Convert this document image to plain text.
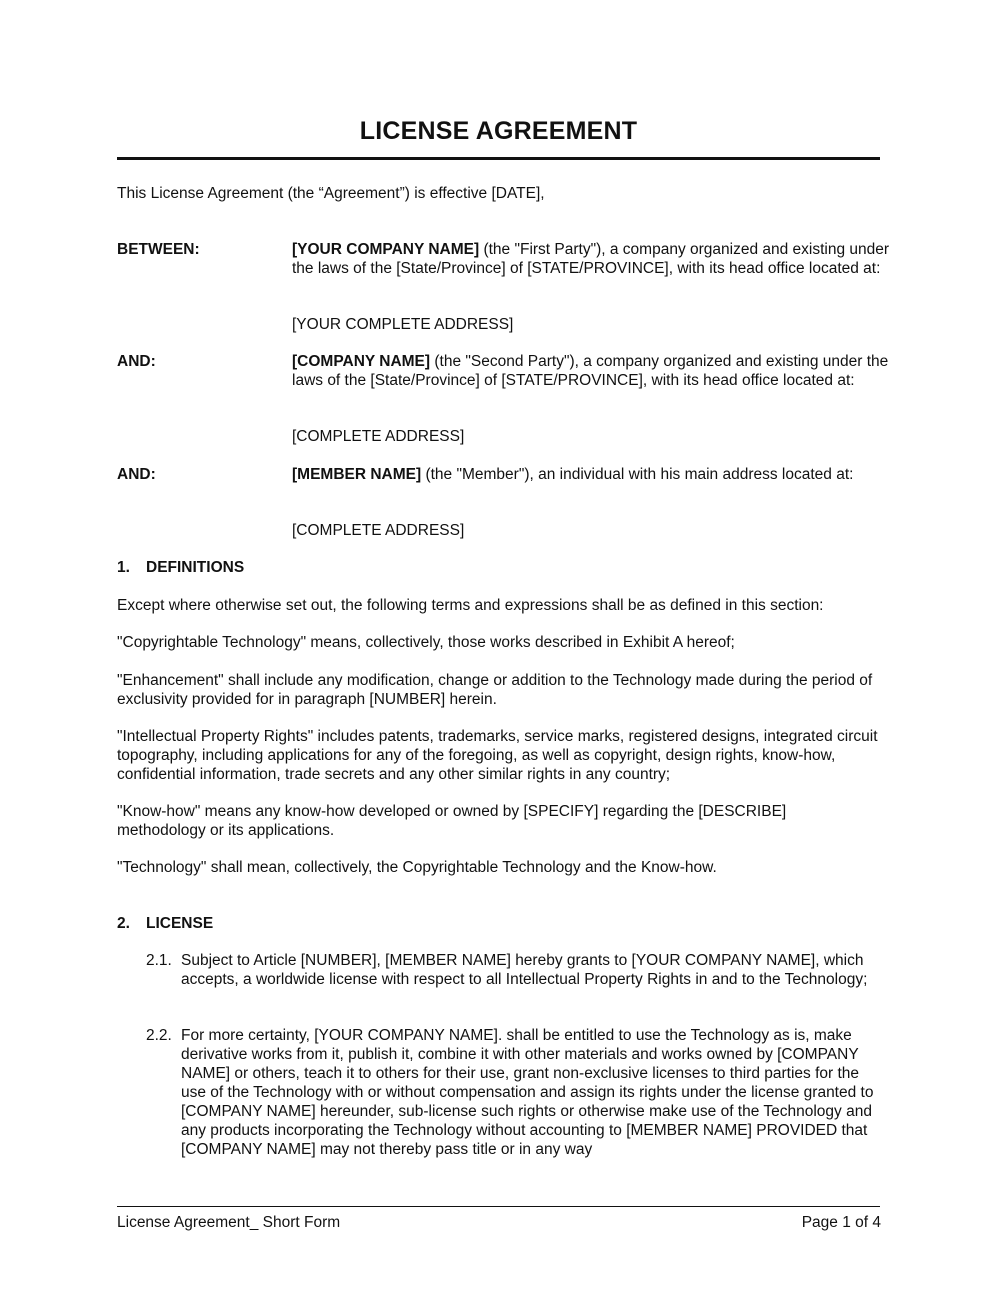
LICENSE AGREEMENT
This License Agreement (the “Agreement”) is effective [DATE],
BETWEEN:	[YOUR COMPANY NAME] (the "First Party"), a company organized and existing under the laws of the [State/Province] of [STATE/PROVINCE], with its head office located at:
[YOUR COMPLETE ADDRESS]
AND:	[COMPANY NAME] (the "Second Party"), a company organized and existing under the laws of the [State/Province] of [STATE/PROVINCE], with its head office located at:
[COMPLETE ADDRESS]
AND:	[MEMBER NAME] (the "Member"), an individual with his main address located at:
[COMPLETE ADDRESS]
1. DEFINITIONS
Except where otherwise set out, the following terms and expressions shall be as defined in this section:
"Copyrightable Technology" means, collectively, those works described in Exhibit A hereof;
"Enhancement" shall include any modification, change or addition to the Technology made during the period of exclusivity provided for in paragraph [NUMBER] herein.
"Intellectual Property Rights" includes patents, trademarks, service marks, registered designs, integrated circuit topography, including applications for any of the foregoing, as well as copyright, design rights, know-how, confidential information, trade secrets and any other similar rights in any country;
"Know-how" means any know-how developed or owned by [SPECIFY] regarding the [DESCRIBE] methodology or its applications.
"Technology" shall mean, collectively, the Copyrightable Technology and the Know-how.
2. LICENSE
2.1. Subject to Article [NUMBER], [MEMBER NAME] hereby grants to [YOUR COMPANY NAME], which accepts, a worldwide license with respect to all Intellectual Property Rights in and to the Technology;
2.2. For more certainty, [YOUR COMPANY NAME]. shall be entitled to use the Technology as is, make derivative works from it, publish it, combine it with other materials and works owned by [COMPANY NAME] or others, teach it to others for their use, grant non-exclusive licenses to third parties for the use of the Technology with or without compensation and assign its rights under the license granted to [COMPANY NAME] hereunder, sub-license such rights or otherwise make use of the Technology and any products incorporating the Technology without accounting to [MEMBER NAME] PROVIDED that [COMPANY NAME] may not thereby pass title or in any way
License Agreement_ Short Form	Page 1 of 4
